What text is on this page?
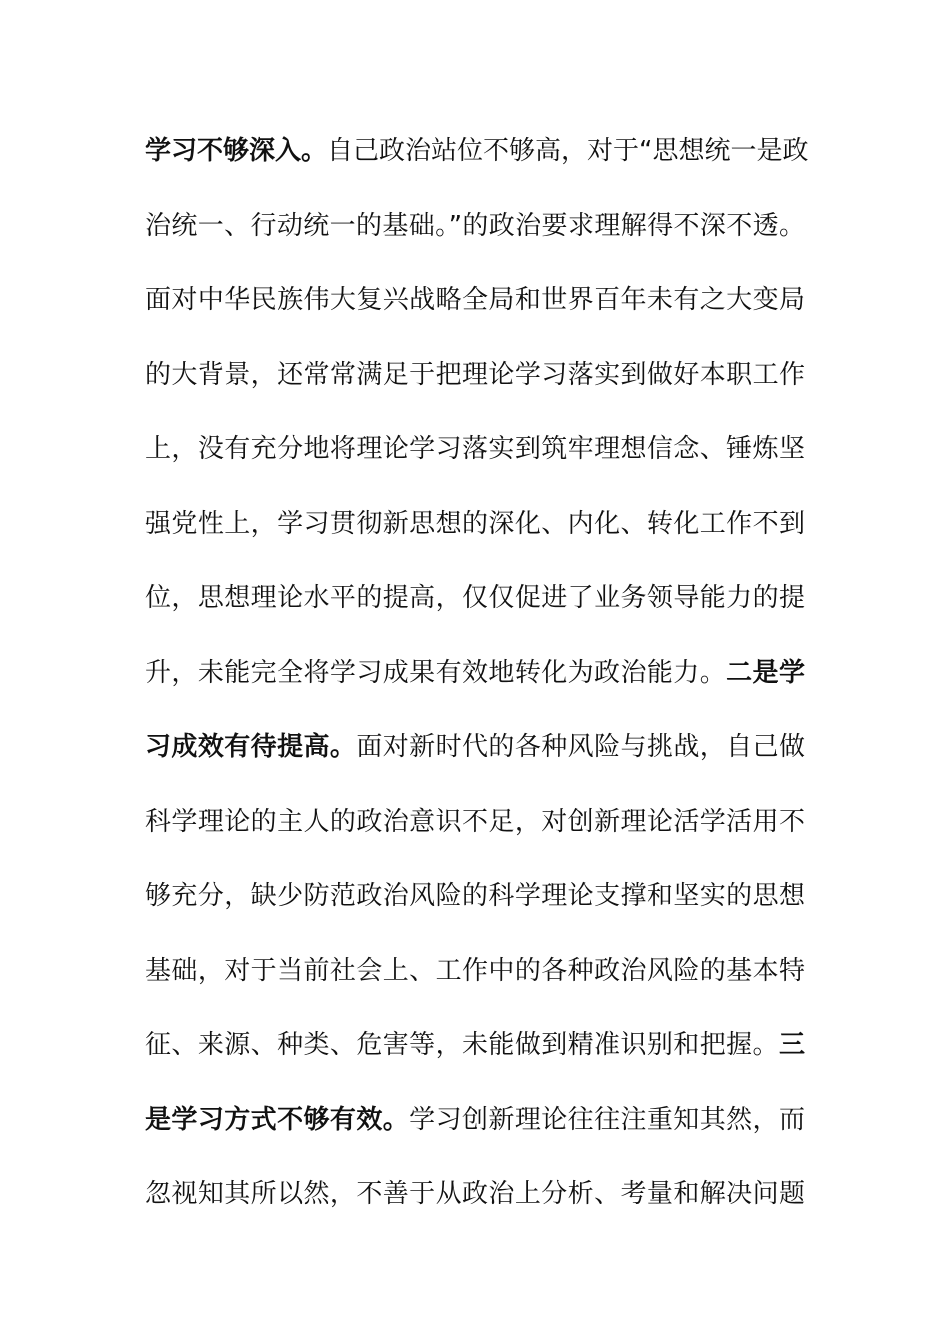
学习不够深入。自己政治站位不够高，对于“思想统一是政
治统一、行动统一的基础。”的政治要求理解得不深不透。
面对中华民族伟大复兴战略全局和世界百年未有之大变局
的大背景，还常常满足于把理论学习落实到做好本职工作
上，没有充分地将理论学习落实到筑牢理想信念、锤炼坚
强党性上，学习贯彻新思想的深化、内化、转化工作不到
位，思想理论水平的提高，仅仅促进了业务领导能力的提
升，未能完全将学习成果有效地转化为政治能力。二是学
习成效有待提高。面对新时代的各种风险与挑战，自己做
科学理论的主人的政治意识不足，对创新理论活学活用不
够充分，缺少防范政治风险的科学理论支撑和坚实的思想
基础，对于当前社会上、工作中的各种政治风险的基本特
征、来源、种类、危害等，未能做到精准识别和把握。三
是学习方式不够有效。学习创新理论往往注重知其然，而
忽视知其所以然，不善于从政治上分析、考量和解决问题
